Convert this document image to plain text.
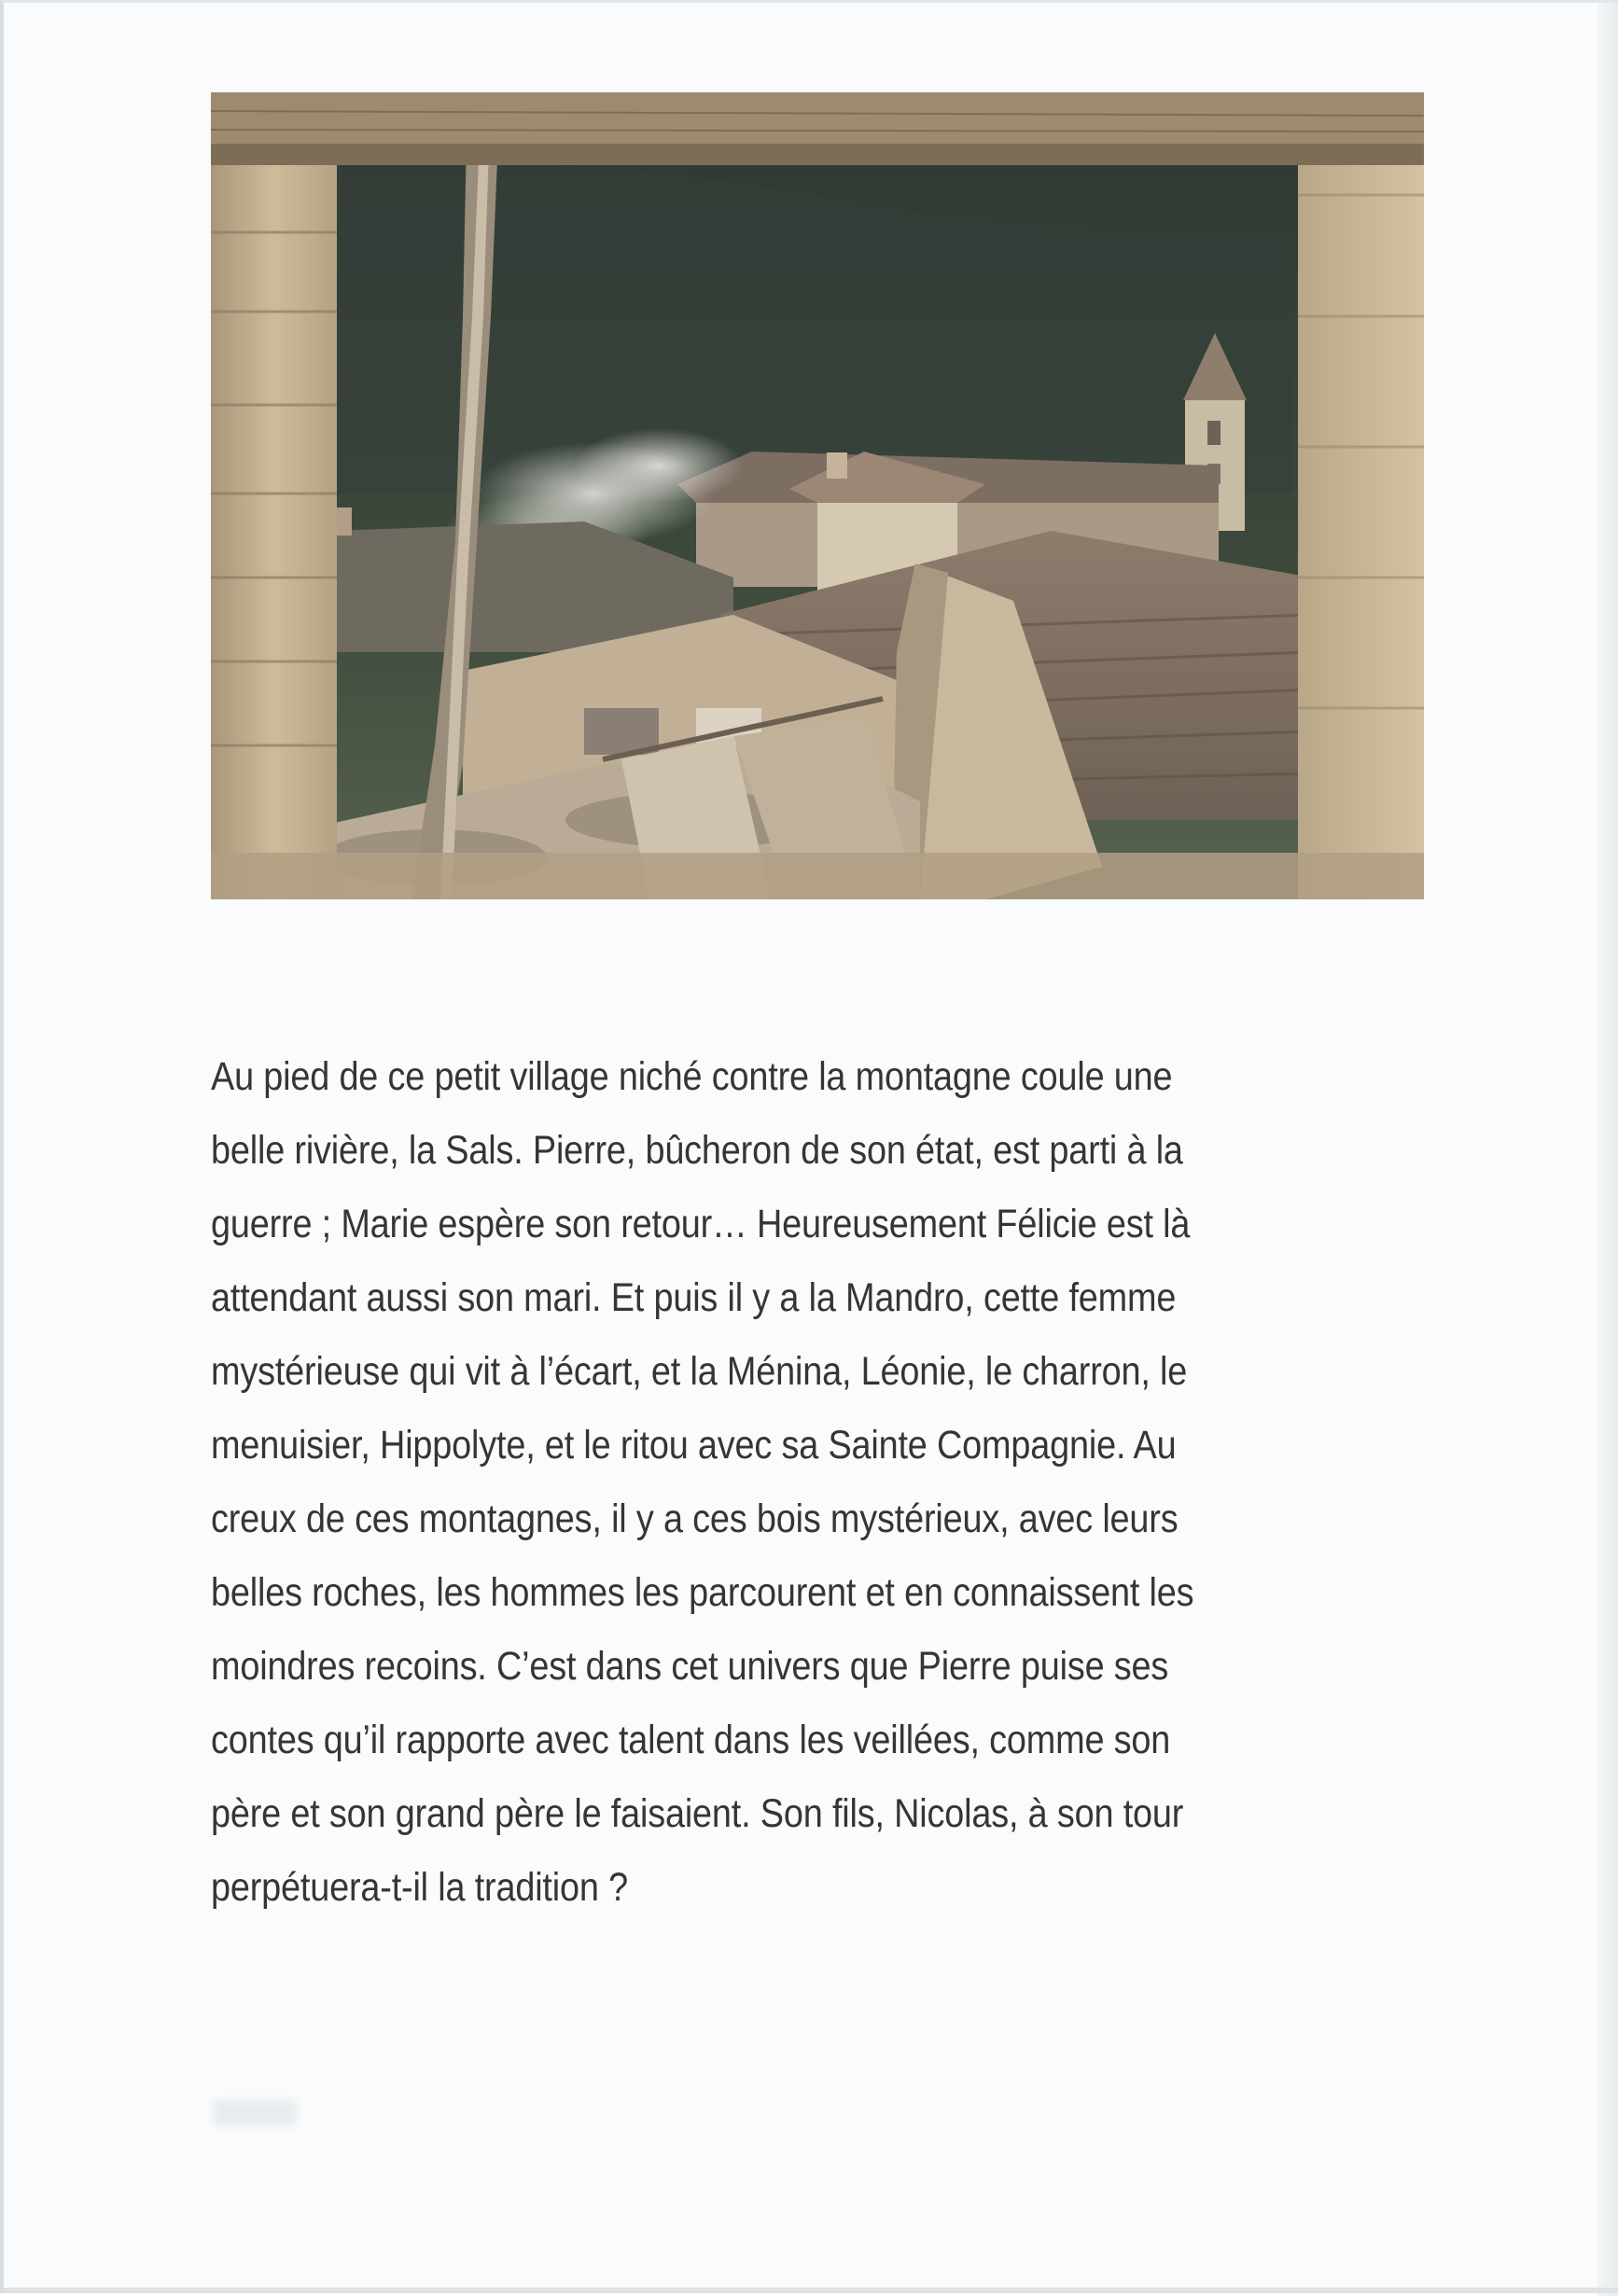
Au pied de ce petit village niché contre la montagne coule une
belle rivière, la Sals. Pierre, bûcheron de son état, est parti à la
guerre ; Marie espère son retour… Heureusement Félicie est là
attendant aussi son mari. Et puis il y a la Mandro, cette femme
mystérieuse qui vit à l’écart, et la Ménina, Léonie, le charron, le
menuisier, Hippolyte, et le ritou avec sa Sainte Compagnie. Au
creux de ces montagnes, il y a ces bois mystérieux, avec leurs
belles roches, les hommes les parcourent et en connaissent les
moindres recoins. C’est dans cet univers que Pierre puise ses
contes qu’il rapporte avec talent dans les veillées, comme son
père et son grand père le faisaient. Son fils, Nicolas, à son tour
perpétuera-t-il la tradition ?
